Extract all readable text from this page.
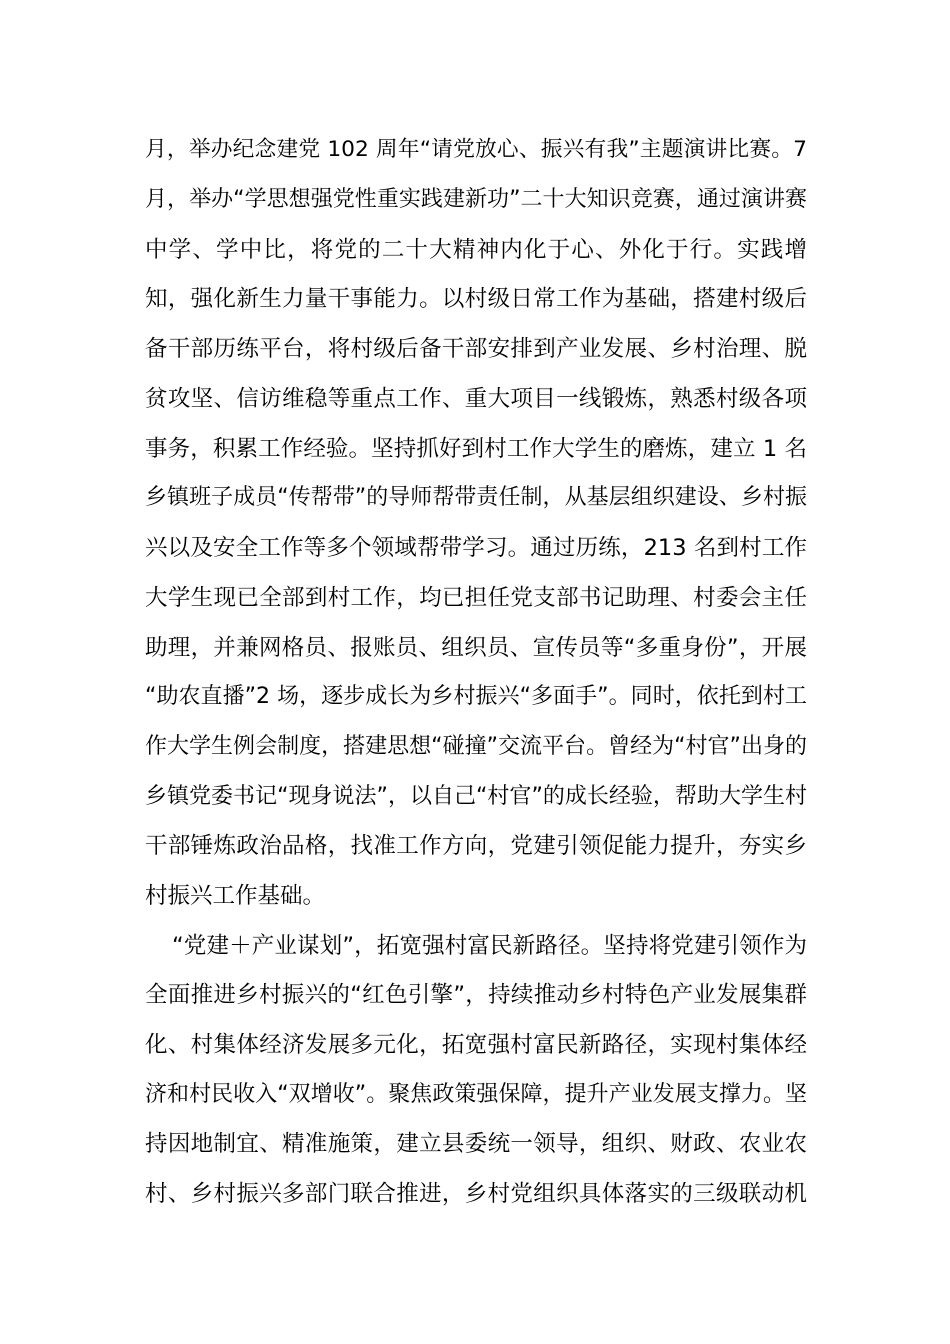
月，举办纪念建党 102 周年“请党放心、振兴有我”主题演讲比赛。7

月，举办“学思想强党性重实践建新功”二十大知识竞赛，通过演讲赛

中学、学中比，将党的二十大精神内化于心、外化于行。实践增

知，强化新生力量干事能力。以村级日常工作为基础，搭建村级后

备干部历练平台，将村级后备干部安排到产业发展、乡村治理、脱

贫攻坚、信访维稳等重点工作、重大项目一线锻炼，熟悉村级各项

事务，积累工作经验。坚持抓好到村工作大学生的磨炼，建立 1 名

乡镇班子成员“传帮带”的导师帮带责任制，从基层组织建设、乡村振

兴以及安全工作等多个领域帮带学习。通过历练，213 名到村工作

大学生现已全部到村工作，均已担任党支部书记助理、村委会主任

助理，并兼网格员、报账员、组织员、宣传员等“多重身份”，开展

“助农直播”2 场，逐步成长为乡村振兴“多面手”。同时，依托到村工

作大学生例会制度，搭建思想“碰撞”交流平台。曾经为“村官”出身的

乡镇党委书记“现身说法”，以自己“村官”的成长经验，帮助大学生村

干部锤炼政治品格，找准工作方向，党建引领促能力提升，夯实乡

村振兴工作基础。

“党建＋产业谋划”，拓宽强村富民新路径。坚持将党建引领作为

全面推进乡村振兴的“红色引擎”，持续推动乡村特色产业发展集群

化、村集体经济发展多元化，拓宽强村富民新路径，实现村集体经

济和村民收入“双增收”。聚焦政策强保障，提升产业发展支撑力。坚

持因地制宜、精准施策，建立县委统一领导，组织、财政、农业农

村、乡村振兴多部门联合推进，乡村党组织具体落实的三级联动机
